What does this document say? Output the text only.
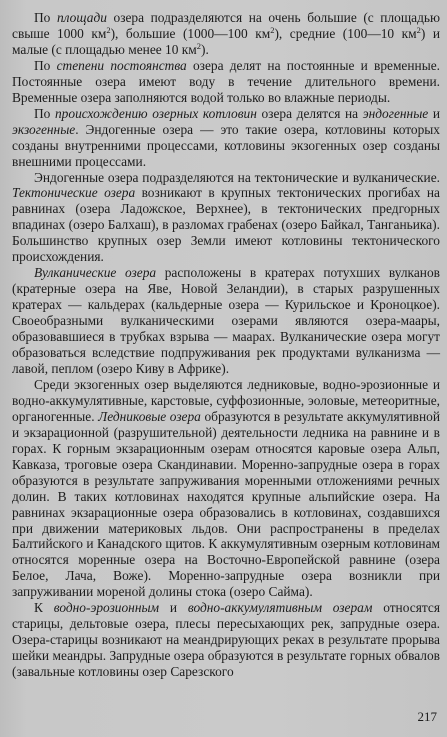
По площади озера подразделяются на очень большие (с площадью свыше 1000 $км^2$), большие (1000—100 $км^2$), средние (100—10 $км^2$) и малые (с площадью менее 10 $км^2$).

По степени постоянства озера делят на постоянные и временные. Постоянные озера имеют воду в течение длительного времени. Временные озера заполняются водой только во влажные периоды.

По происхождению озерных котловин озера делятся на эндогенные и экзогенные. Эндогенные озера — это такие озера, котловины которых созданы внутренними процессами, котловины экзогенных озер созданы внешними процессами.

Эндогенные озера подразделяются на тектонические и вулканические. Тектонические озера возникают в крупных тектонических прогибах на равнинах (озера Ладожское, Верхнее), в тектонических предгорных впадинах (озеро Балхаш), в разломах грабенах (озеро Байкал, Танганьика). Большинство крупных озер Земли имеют котловины тектонического происхождения.

Вулканические озера расположены в кратерах потухших вулканов (кратерные озера на Яве, Новой Зеландии), в старых разрушенных кратерах — кальдерах (кальдерные озера — Курильское и Кроноцкое). Своеобразными вулканическими озерами являются озера-маары, образовавшиеся в трубках взрыва — маарах. Вулканические озера могут образоваться вследствие подпруживания рек продуктами вулканизма — лавой, пеплом (озеро Киву в Африке).

Среди экзогенных озер выделяются ледниковые, водно-эрозионные и водно-аккумулятивные, карстовые, суффозионные, эоловые, метеоритные, органогенные. Ледниковые озера образуются в результате аккумулятивной и экзарационной (разрушительной) деятельности ледника на равнине и в горах. К горным экзарационным озерам относятся каровые озера Альп, Кавказа, троговые озера Скандинавии. Моренно-запрудные озера в горах образуются в результате запруживания моренными отложениями речных долин. В таких котловинах находятся крупные альпийские озера. На равнинах экзарационные озера образовались в котловинах, создавшихся при движении материковых льдов. Они распространены в пределах Балтийского и Канадского щитов. К аккумулятивным озерным котловинам относятся моренные озера на Восточно-Европейской равнине (озера Белое, Лача, Воже). Моренно-запрудные озера возникли при запруживании мореной долины стока (озеро Сайма).

К водно-эрозионным и водно-аккумулятивным озерам относятся старицы, дельтовые озера, плесы пересыхающих рек, запрудные озера. Озера-старицы возникают на меандрирующих реках в результате прорыва шейки меандры. Запрудные озера образуются в результате горных обвалов (завальные котловины озер Сарезского

217
